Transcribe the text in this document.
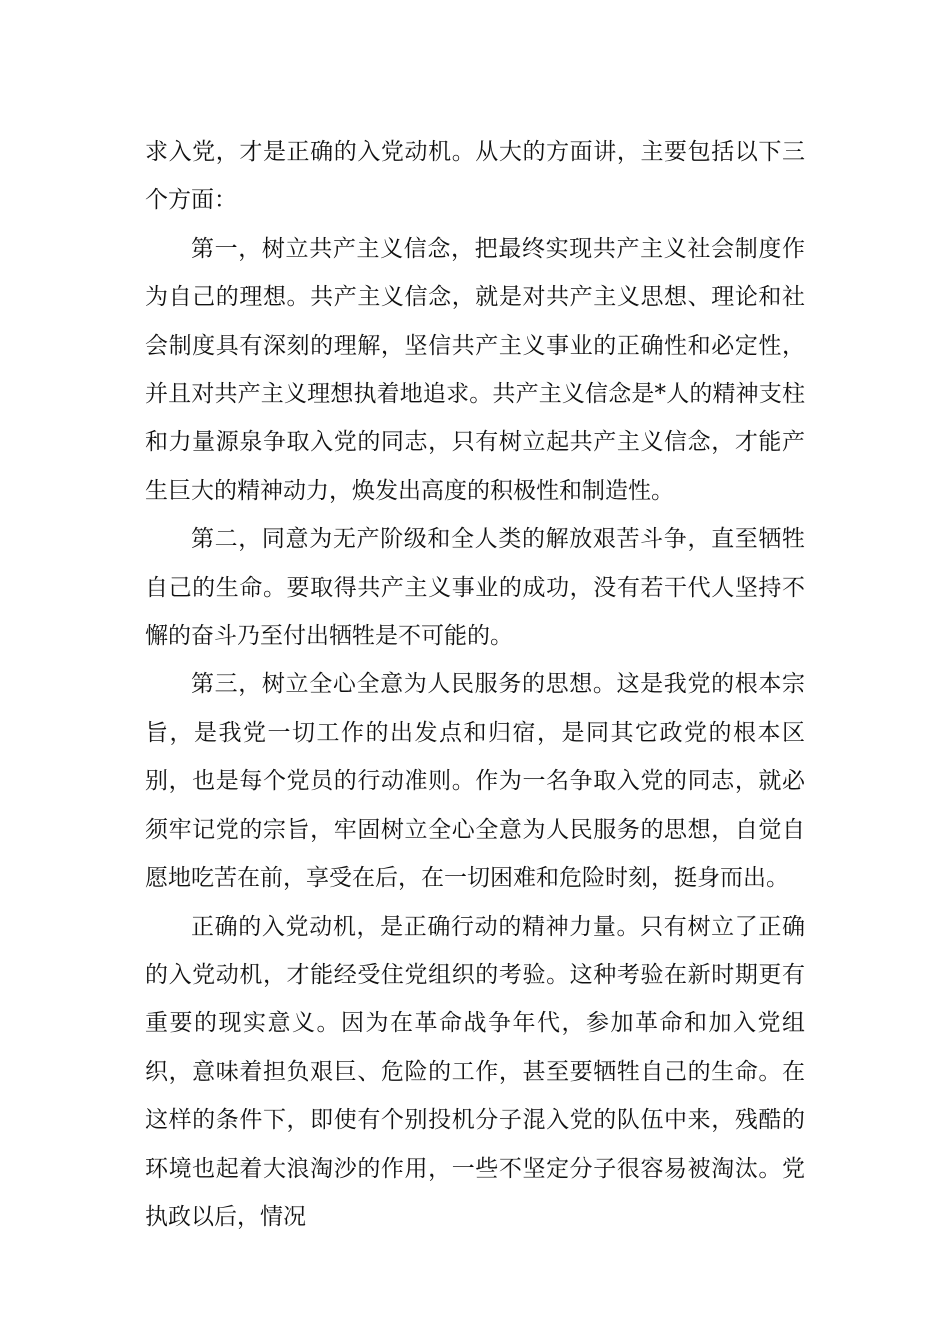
求入党，才是正确的入党动机。从大的方面讲，主要包括以下三个方面：

第一，树立共产主义信念，把最终实现共产主义社会制度作为自己的理想。共产主义信念，就是对共产主义思想、理论和社会制度具有深刻的理解，坚信共产主义事业的正确性和必定性，并且对共产主义理想执着地追求。共产主义信念是*人的精神支柱和力量源泉争取入党的同志，只有树立起共产主义信念，才能产生巨大的精神动力，焕发出高度的积极性和制造性。

第二，同意为无产阶级和全人类的解放艰苦斗争，直至牺牲自己的生命。要取得共产主义事业的成功，没有若干代人坚持不懈的奋斗乃至付出牺牲是不可能的。

第三，树立全心全意为人民服务的思想。这是我党的根本宗旨，是我党一切工作的出发点和归宿，是同其它政党的根本区别，也是每个党员的行动准则。作为一名争取入党的同志，就必须牢记党的宗旨，牢固树立全心全意为人民服务的思想，自觉自愿地吃苦在前，享受在后，在一切困难和危险时刻，挺身而出。

正确的入党动机，是正确行动的精神力量。只有树立了正确的入党动机，才能经受住党组织的考验。这种考验在新时期更有重要的现实意义。因为在革命战争年代，参加革命和加入党组织，意味着担负艰巨、危险的工作，甚至要牺牲自己的生命。在这样的条件下，即使有个别投机分子混入党的队伍中来，残酷的环境也起着大浪淘沙的作用，一些不坚定分子很容易被淘汰。党执政以后，情况
